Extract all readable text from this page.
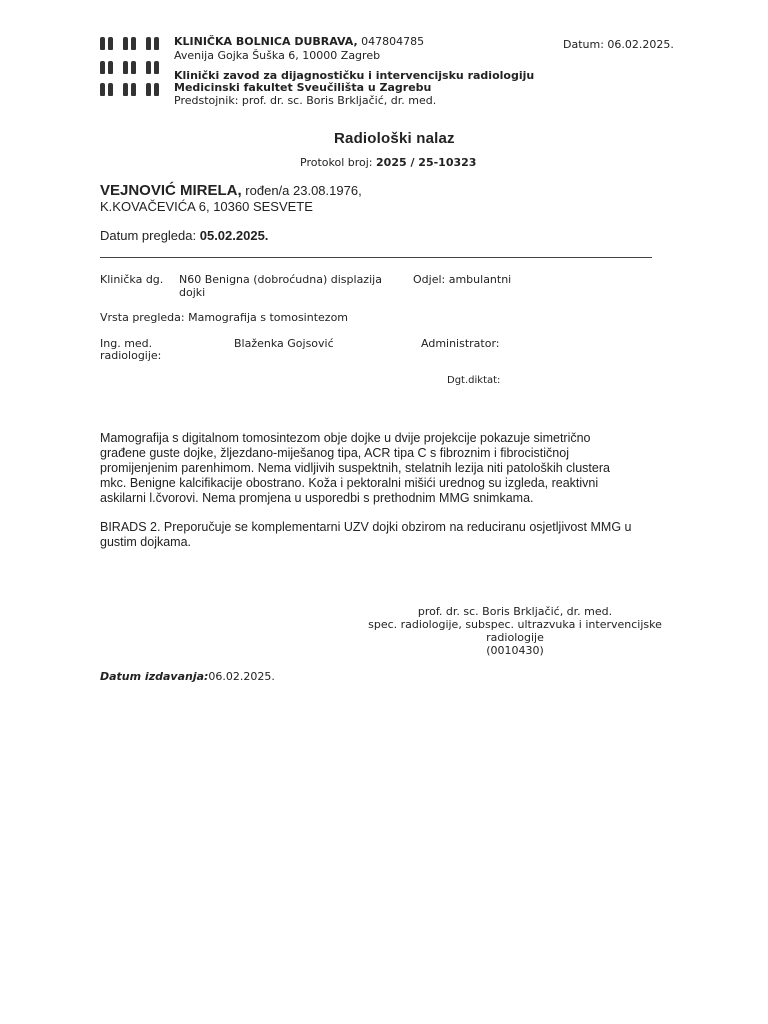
KLINIČKA BOLNICA DUBRAVA, 047804785
Avenija Gojka Šuška 6, 10000 Zagreb
Klinički zavod za dijagnostičku i intervencijsku radiologiju
Medicinski fakultet Sveučilišta u Zagrebu
Predstojnik: prof. dr. sc. Boris Brkljačić, dr. med.
Datum: 06.02.2025.
Radiološki nalaz
Protokol broj: 2025 / 25-10323
VEJNOVIĆ MIRELA, rođen/a 23.08.1976,
K.KOVAČEVIĆA 6, 10360 SESVETE
Datum pregleda: 05.02.2025.
Klinička dg. N60 Benigna (dobroćudna) displazija
dojki
Odjel: ambulantni
Vrsta pregleda: Mamografija s tomosintezom
Ing. med.
radiologije:
Blaženka Gojsović	Administrator:
Dgt.diktat:
Mamografija s digitalnom tomosintezom obje dojke u dvije projekcije pokazuje simetrično
građene guste dojke, žljezdano-miješanog tipa, ACR tipa C s fibroznim i fibrocističnoj
promijenjenim parenhimom. Nema vidljivih suspektnih, stelatnih lezija niti patoloških clustera
mkc. Benigne kalcifikacije obostrano. Koža i pektoralni mišići urednog su izgleda, reaktivni
askilarni l.čvorovi. Nema promjena u usporedbi s prethodnim MMG snimkama.
BIRADS 2. Preporučuje se komplementarni UZV dojki obzirom na reduciranu osjetljivost MMG u
gustim dojkama.
prof. dr. sc. Boris Brkljačić, dr. med.
spec. radiologije, subspec. ultrazvuka i intervencijske
radiologije
(0010430)
Datum izdavanja:06.02.2025.
